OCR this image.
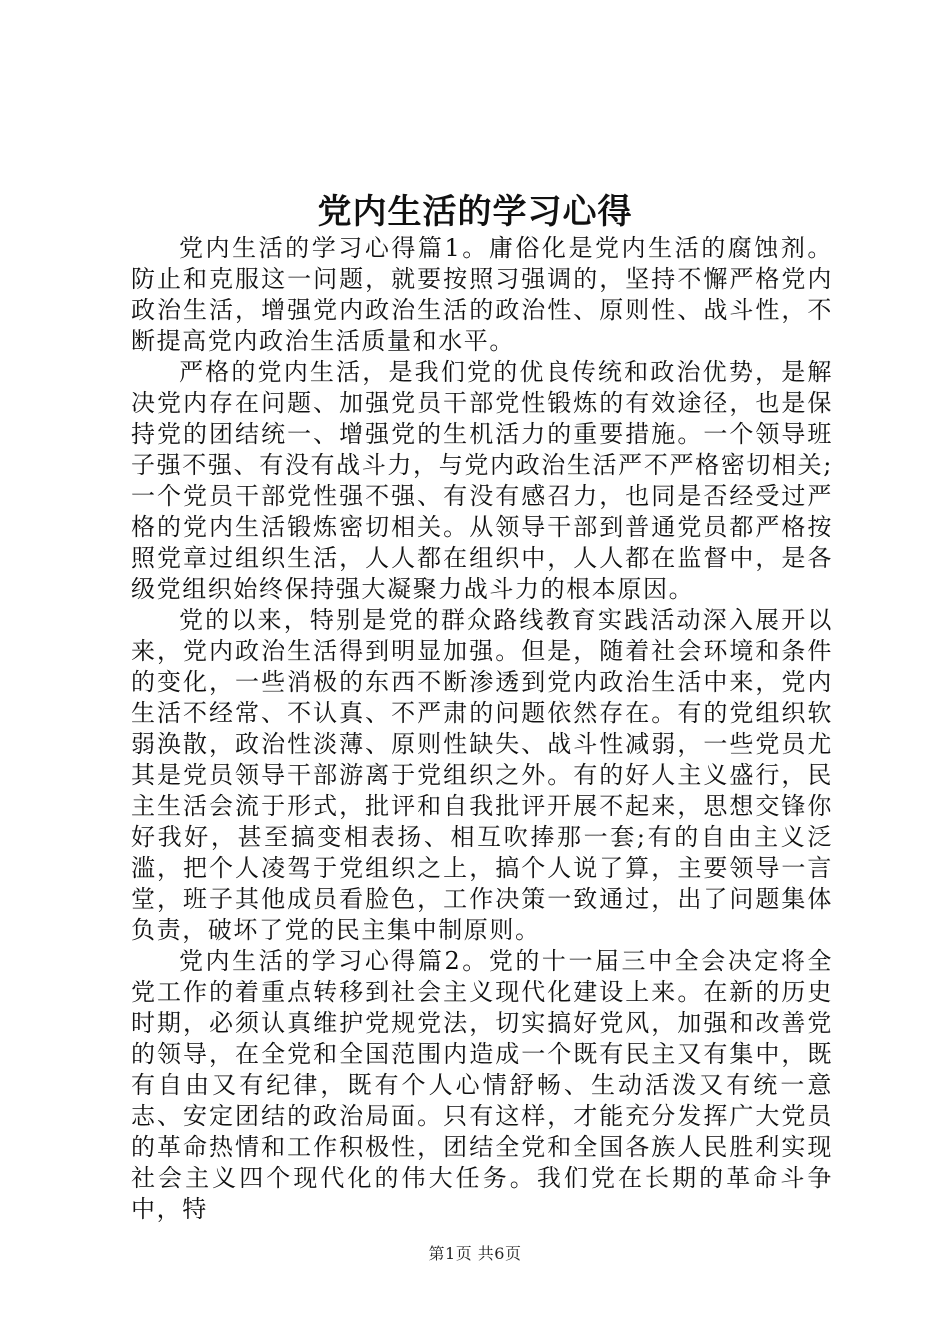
党内生活的学习心得

党内生活的学习心得篇1。庸俗化是党内生活的腐蚀剂。防止和克服这一问题，就要按照习强调的，坚持不懈严格党内政治生活，增强党内政治生活的政治性、原则性、战斗性，不断提高党内政治生活质量和水平。

严格的党内生活，是我们党的优良传统和政治优势，是解决党内存在问题、加强党员干部党性锻炼的有效途径，也是保持党的团结统一、增强党的生机活力的重要措施。一个领导班子强不强、有没有战斗力，与党内政治生活严不严格密切相关;一个党员干部党性强不强、有没有感召力，也同是否经受过严格的党内生活锻炼密切相关。从领导干部到普通党员都严格按照党章过组织生活，人人都在组织中，人人都在监督中，是各级党组织始终保持强大凝聚力战斗力的根本原因。

党的以来，特别是党的群众路线教育实践活动深入展开以来，党内政治生活得到明显加强。但是，随着社会环境和条件的变化，一些消极的东西不断渗透到党内政治生活中来，党内生活不经常、不认真、不严肃的问题依然存在。有的党组织软弱涣散，政治性淡薄、原则性缺失、战斗性减弱，一些党员尤其是党员领导干部游离于党组织之外。有的好人主义盛行，民主生活会流于形式，批评和自我批评开展不起来，思想交锋你好我好，甚至搞变相表扬、相互吹捧那一套;有的自由主义泛滥，把个人凌驾于党组织之上，搞个人说了算，主要领导一言堂，班子其他成员看脸色，工作决策一致通过，出了问题集体负责，破坏了党的民主集中制原则。

党内生活的学习心得篇2。党的十一届三中全会决定将全党工作的着重点转移到社会主义现代化建设上来。在新的历史时期，必须认真维护党规党法，切实搞好党风，加强和改善党的领导，在全党和全国范围内造成一个既有民主又有集中，既有自由又有纪律，既有个人心情舒畅、生动活泼又有统一意志、安定团结的政治局面。只有这样，才能充分发挥广大党员的革命热情和工作积极性，团结全党和全国各族人民胜利实现社会主义四个现代化的伟大任务。我们党在长期的革命斗争中，特

第1页 共6页
